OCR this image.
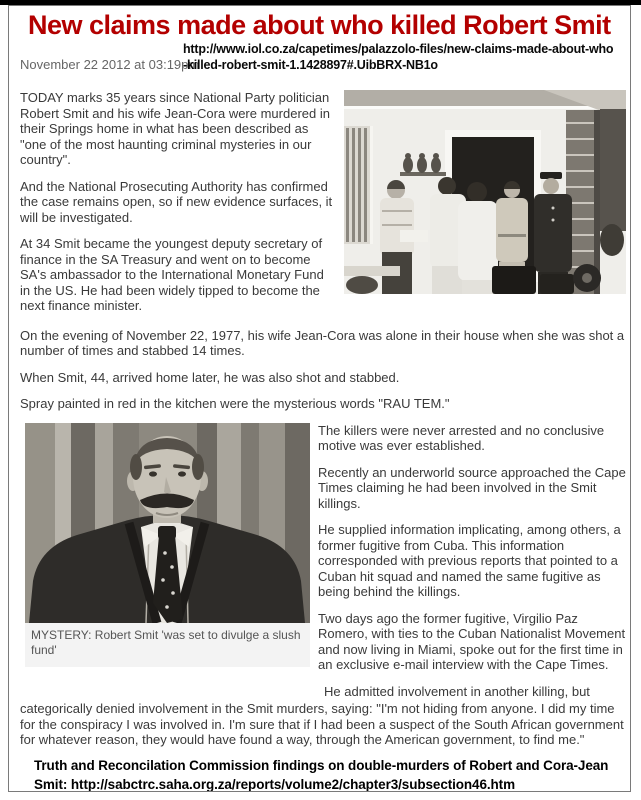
New claims made about who killed Robert Smit
November 22 2012 at 03:19pm
http://www.iol.co.za/capetimes/palazzolo-files/new-claims-made-about-who
-killed-robert-smit-1.1428897#.UibBRX-NB1o

TODAY marks 35 years since National Party politician Robert Smit and his wife Jean-Cora were murdered in their Springs home in what has been described as "one of the most haunting criminal mysteries in our country".

And the National Prosecuting Authority has confirmed the case remains open, so if new evidence surfaces, it will be investigated.

At 34 Smit became the youngest deputy secretary of finance in the SA Treasury and went on to become SA's ambassador to the International Monetary Fund in the US. He had been widely tipped to become the next finance minister.

On the evening of November 22, 1977, his wife Jean-Cora was alone in their house when she was shot a number of times and stabbed 14 times.

When Smit, 44, arrived home later, he was also shot and stabbed.

Spray painted in red in the kitchen were the mysterious words "RAU TEM."

MYSTERY: Robert Smit 'was set to divulge a slush fund'

The killers were never arrested and no conclusive motive was ever established.

Recently an underworld source approached the Cape Times claiming he had been involved in the Smit killings.

He supplied information implicating, among others, a former fugitive from Cuba. This information corresponded with previous reports that pointed to a Cuban hit squad and named the same fugitive as being behind the killings.

Two days ago the former fugitive, Virgilio Paz Romero, with ties to the Cuban Nationalist Movement and now living in Miami, spoke out for the first time in an exclusive e-mail interview with the Cape Times.

He admitted involvement in another killing, but

categorically denied involvement in the Smit murders, saying: "I'm not hiding from anyone. I did my time for the conspiracy I was involved in. I'm sure that if I had been a suspect of the South African government for whatever reason, they would have found a way, through the American government, to find me."

Truth and Reconcilation Commission findings on double-murders of Robert and Cora-Jean Smit: http://sabctrc.saha.org.za/reports/volume2/chapter3/subsection46.htm
